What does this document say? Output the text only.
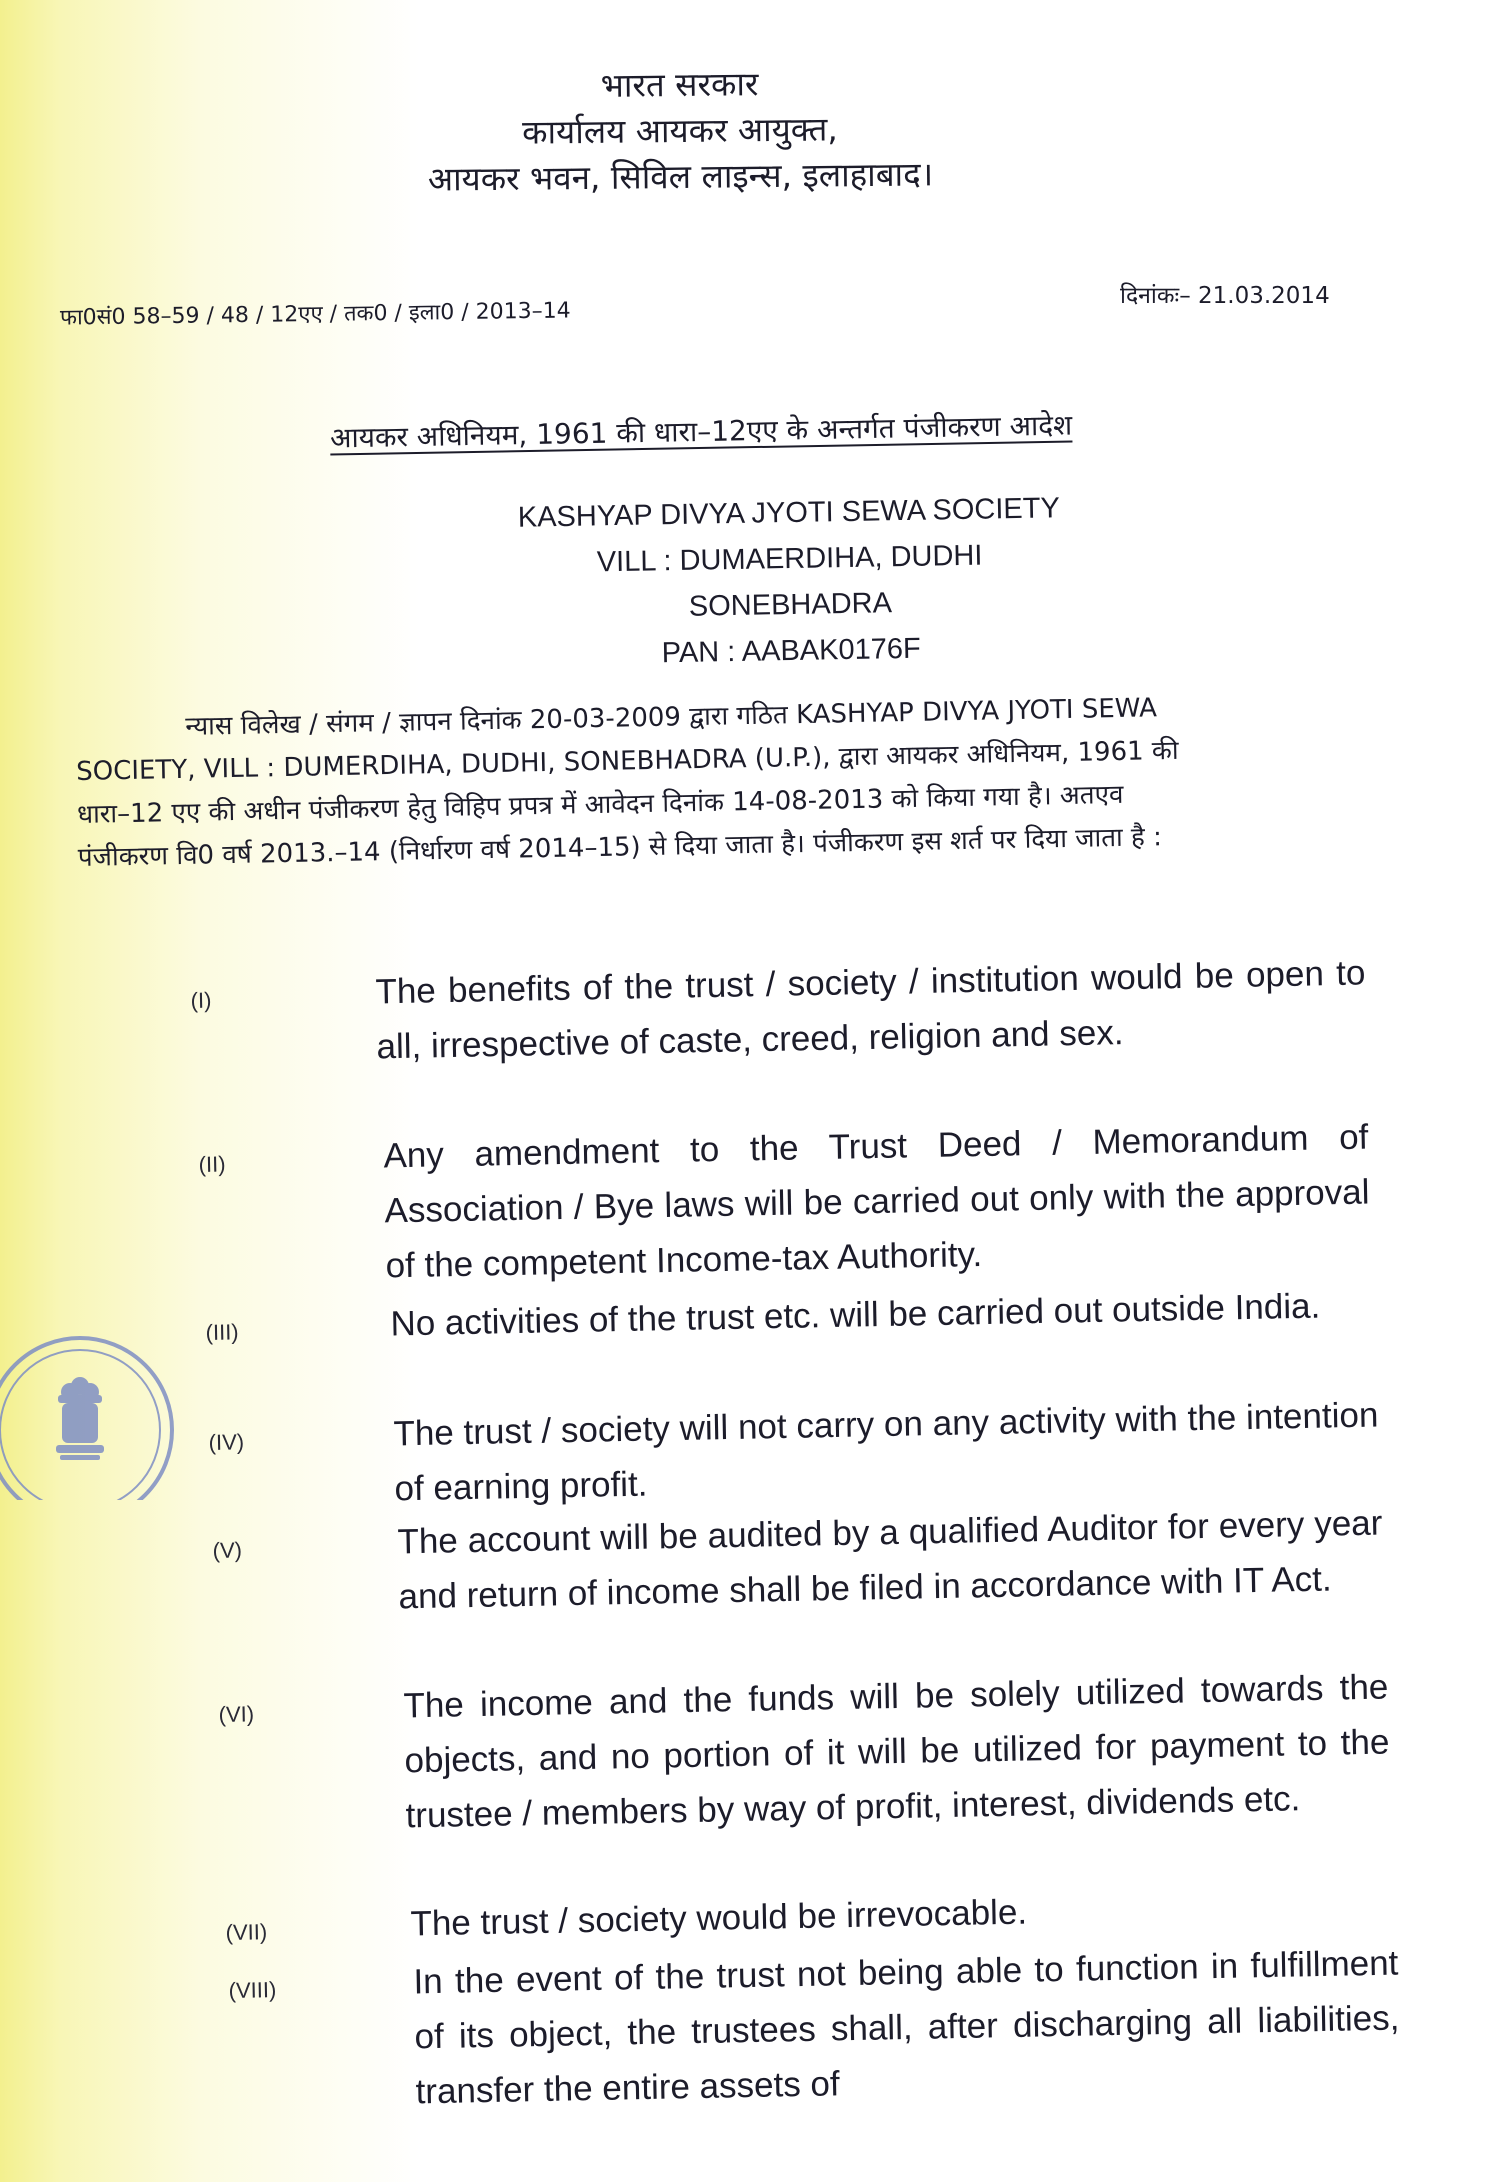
भारत सरकार
कार्यालय आयकर आयुक्त,
आयकर भवन, सिविल लाइन्स, इलाहाबाद।
फा0सं0 58–59 / 48 / 12एए / तक0 / इला0 / 2013–14
दिनांकः– 21.03.2014
आयकर अधिनियम, 1961 की धारा–12एए के अन्तर्गत पंजीकरण आदेश
KASHYAP DIVYA JYOTI SEWA SOCIETY
VILL : DUMAERDIHA, DUDHI
SONEBHADRA
PAN : AABAK0176F
न्यास विलेख / संगम / ज्ञापन दिनांक 20-03-2009 द्वारा गठित KASHYAP DIVYA JYOTI SEWA
SOCIETY, VILL : DUMERDIHA, DUDHI, SONEBHADRA (U.P.), द्वारा आयकर अधिनियम, 1961 की
धारा–12 एए की अधीन पंजीकरण हेतु विहिप प्रपत्र में आवेदन दिनांक 14-08-2013 को किया गया है। अतएव
पंजीकरण वि0 वर्ष 2013.–14 (निर्धारण वर्ष 2014–15) से दिया जाता है। पंजीकरण इस शर्त पर दिया जाता है :
(I)	The benefits of the trust / society / institution would be open to all, irrespective of caste, creed, religion and sex.
(II)	Any amendment to the Trust Deed / Memorandum of Association / Bye laws will be carried out only with the approval of the competent Income-tax Authority.
(III)	No activities of the trust etc. will be carried out outside India.
(IV)	The trust / society will not carry on any activity with the intention of earning profit.
(V)	The account will be audited by a qualified Auditor for every year and return of income shall be filed in accordance with IT Act.
(VI)	The income and the funds will be solely utilized towards the objects, and no portion of it will be utilized for payment to the trustee / members by way of profit, interest, dividends etc.
(VII)	The trust / society would be irrevocable.
(VIII)	In the event of the trust not being able to function in fulfillment of its object, the trustees shall, after discharging all liabilities, transfer the entire assets of
